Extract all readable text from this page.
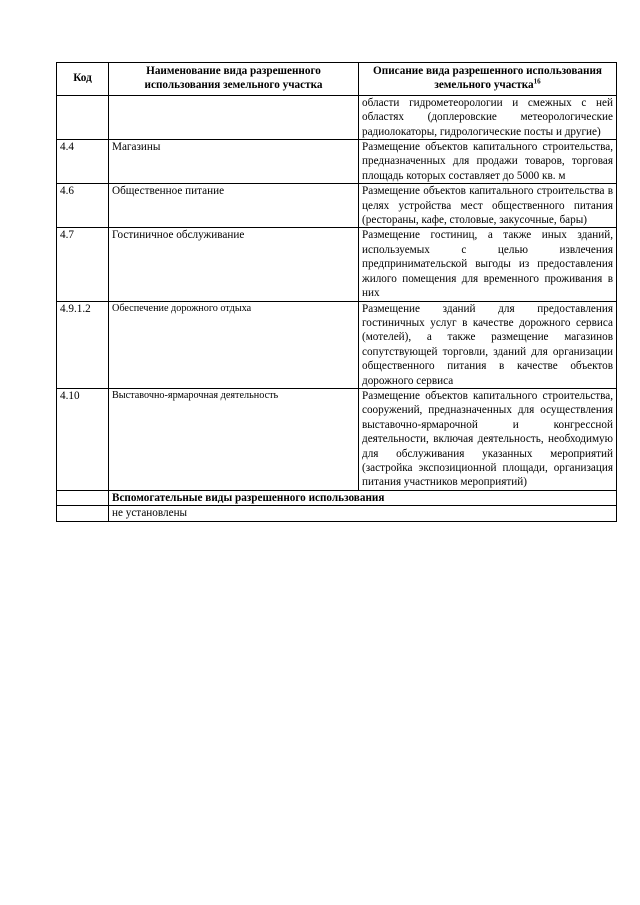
Код	Наименование вида разрешенного использования земельного участка	Описание вида разрешенного использования земельного участка$^{16}$
		области гидрометеорологии и смежных с ней областях (доплеровские метеорологические радиолокаторы, гидрологические посты и другие)
4.4	Магазины	Размещение объектов капитального строительства, предназначенных для продажи товаров, торговая площадь которых составляет до 5000 кв. м
4.6	Общественное питание	Размещение объектов капитального строительства в целях устройства мест общественного питания (рестораны, кафе, столовые, закусочные, бары)
4.7	Гостиничное обслуживание	Размещение гостиниц, а также иных зданий, используемых с целью извлечения предпринимательской выгоды из предоставления жилого помещения для временного проживания в них
4.9.1.2	Обеспечение дорожного отдыха	Размещение зданий для предоставления гостиничных услуг в качестве дорожного сервиса (мотелей), а также размещение магазинов сопутствующей торговли, зданий для организации общественного питания в качестве объектов дорожного сервиса
4.10	Выставочно-ярмарочная деятельность	Размещение объектов капитального строительства, сооружений, предназначенных для осуществления выставочно-ярмарочной и конгрессной деятельности, включая деятельность, необходимую для обслуживания указанных мероприятий (застройка экспозиционной площади, организация питания участников мероприятий)
	Вспомогательные виды разрешенного использования	
	не установлены	
